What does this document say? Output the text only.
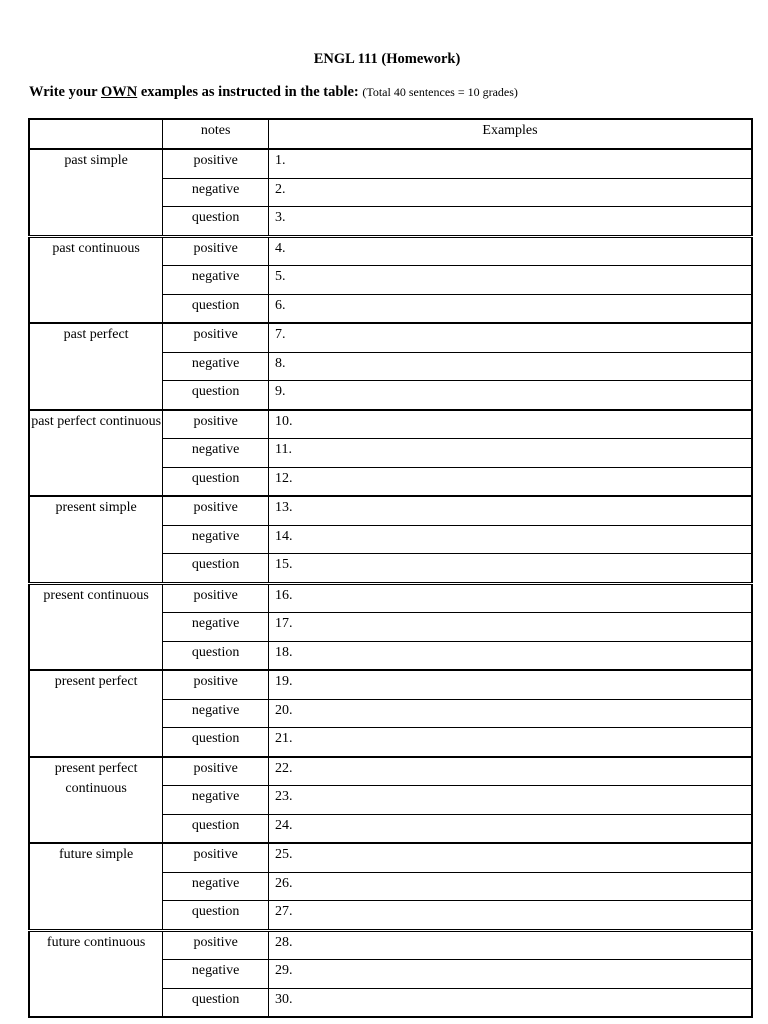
ENGL 111 (Homework)
Write your OWN examples as instructed in the table: (Total 40 sentences = 10 grades)
	notes	Examples
past simple	positive	1.
	negative	2.
	question	3.
past continuous	positive	4.
	negative	5.
	question	6.
past perfect	positive	7.
	negative	8.
	question	9.
past perfect continuous	positive	10.
	negative	11.
	question	12.
present simple	positive	13.
	negative	14.
	question	15.
present continuous	positive	16.
	negative	17.
	question	18.
present perfect	positive	19.
	negative	20.
	question	21.
present perfect continuous	positive	22.
	negative	23.
	question	24.
future simple	positive	25.
	negative	26.
	question	27.
future continuous	positive	28.
	negative	29.
	question	30.
